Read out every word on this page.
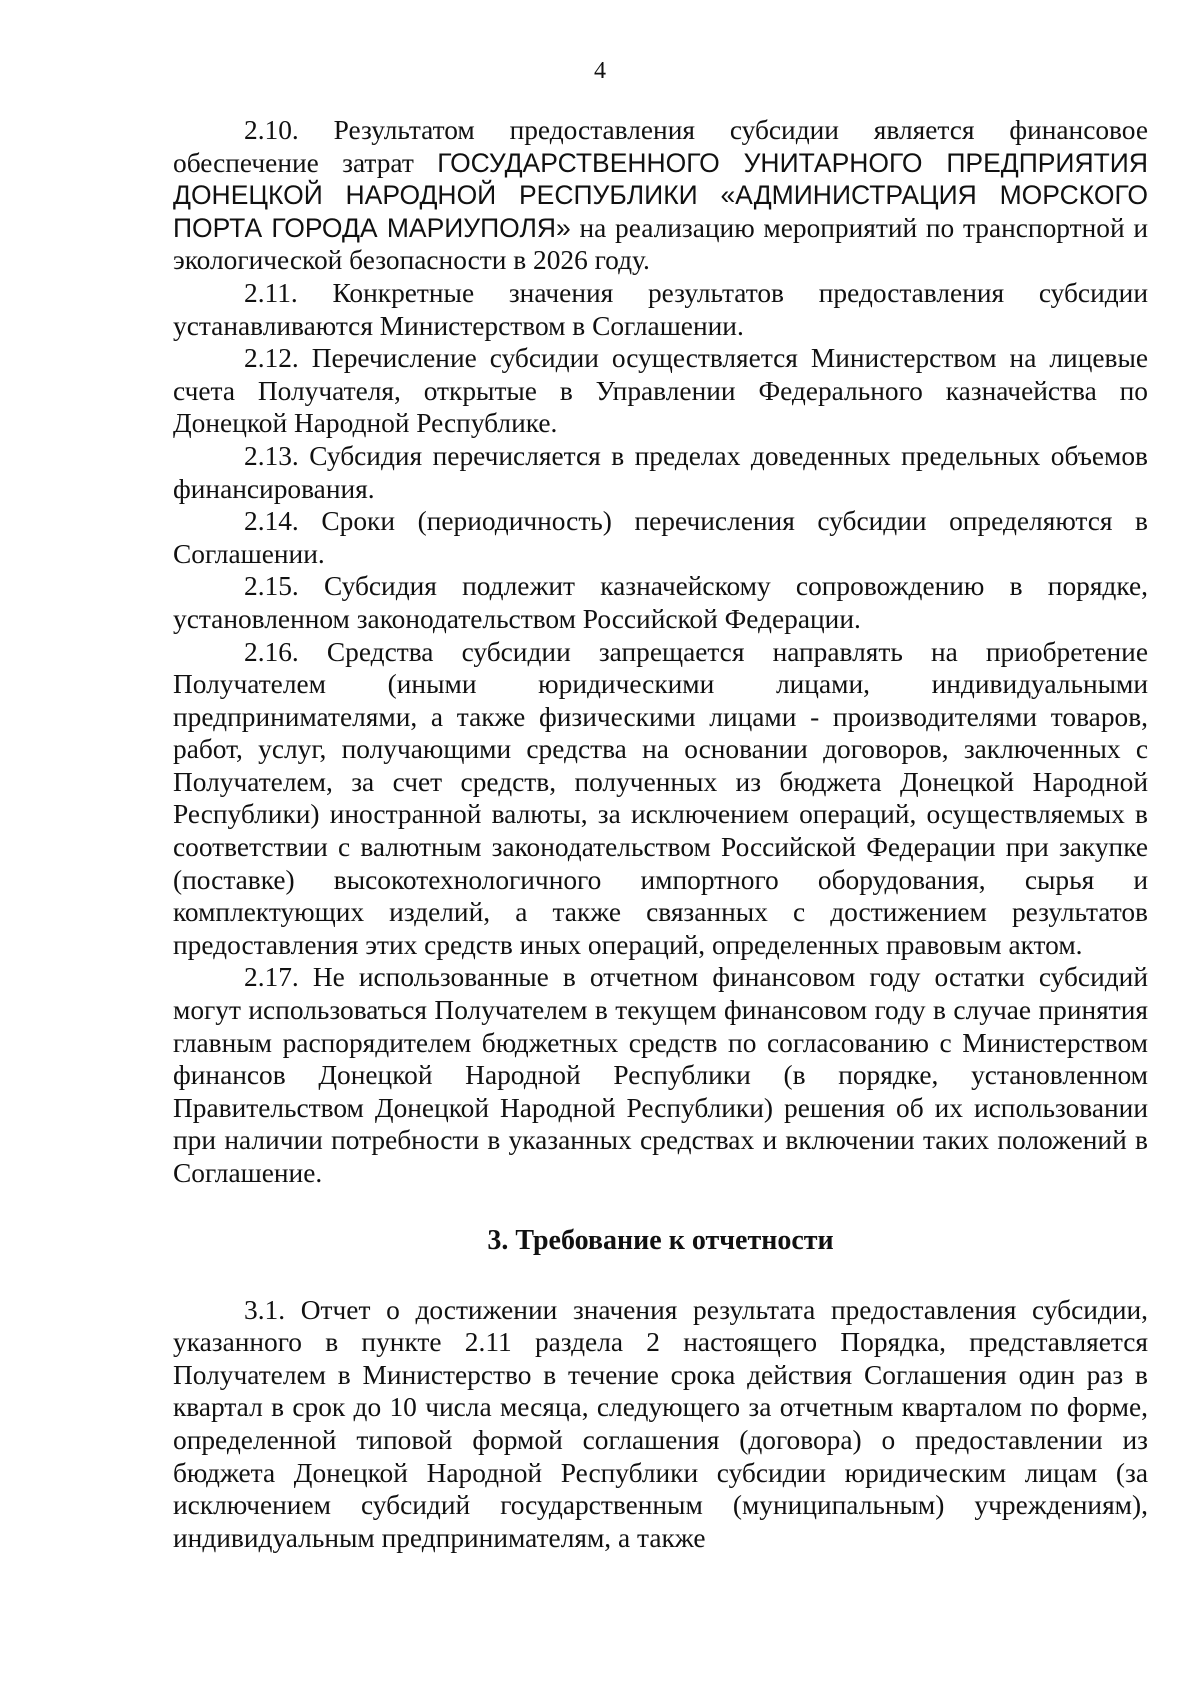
4

2.10. Результатом предоставления субсидии является финансовое обеспечение затрат ГОСУДАРСТВЕННОГО УНИТАРНОГО ПРЕДПРИЯТИЯ ДОНЕЦКОЙ НАРОДНОЙ РЕСПУБЛИКИ «АДМИНИСТРАЦИЯ МОРСКОГО ПОРТА ГОРОДА МАРИУПОЛЯ» на реализацию мероприятий по транспортной и экологической безопасности в 2026 году.

2.11. Конкретные значения результатов предоставления субсидии устанавливаются Министерством в Соглашении.

2.12. Перечисление субсидии осуществляется Министерством на лицевые счета Получателя, открытые в Управлении Федерального казначейства по Донецкой Народной Республике.

2.13. Субсидия перечисляется в пределах доведенных предельных объемов финансирования.

2.14. Сроки (периодичность) перечисления субсидии определяются в Соглашении.

2.15. Субсидия подлежит казначейскому сопровождению в порядке, установленном законодательством Российской Федерации.

2.16. Средства субсидии запрещается направлять на приобретение Получателем (иными юридическими лицами, индивидуальными предпринимателями, а также физическими лицами - производителями товаров, работ, услуг, получающими средства на основании договоров, заключенных с Получателем, за счет средств, полученных из бюджета Донецкой Народной Республики) иностранной валюты, за исключением операций, осуществляемых в соответствии с валютным законодательством Российской Федерации при закупке (поставке) высокотехнологичного импортного оборудования, сырья и комплектующих изделий, а также связанных с достижением результатов предоставления этих средств иных операций, определенных правовым актом.

2.17. Не использованные в отчетном финансовом году остатки субсидий могут использоваться Получателем в текущем финансовом году в случае принятия главным распорядителем бюджетных средств по согласованию с Министерством финансов Донецкой Народной Республики (в порядке, установленном Правительством Донецкой Народной Республики) решения об их использовании при наличии потребности в указанных средствах и включении таких положений в Соглашение.

3. Требование к отчетности

3.1. Отчет о достижении значения результата предоставления субсидии, указанного в пункте 2.11 раздела 2 настоящего Порядка, представляется Получателем в Министерство в течение срока действия Соглашения один раз в квартал в срок до 10 числа месяца, следующего за отчетным кварталом по форме, определенной типовой формой соглашения (договора) о предоставлении из бюджета Донецкой Народной Республики субсидии юридическим лицам (за исключением субсидий государственным (муниципальным) учреждениям), индивидуальным предпринимателям, а также
